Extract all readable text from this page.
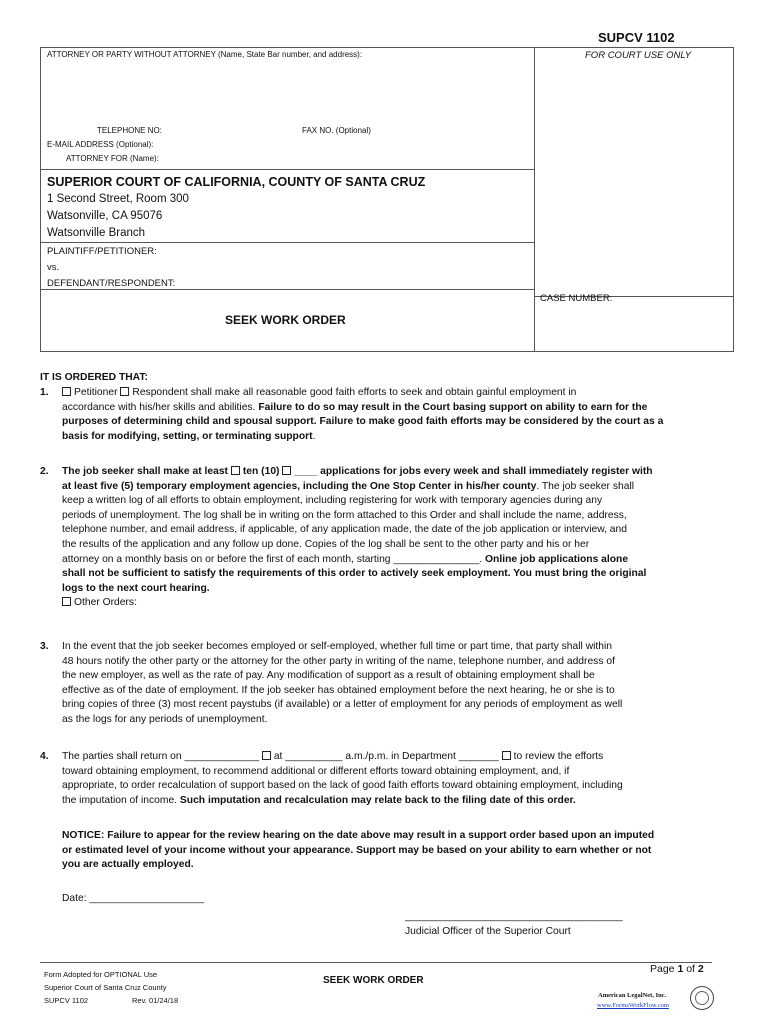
SUPCV 1102
ATTORNEY OR PARTY WITHOUT ATTORNEY (Name, State Bar number, and address):	FOR COURT USE ONLY
TELEPHONE NO:	FAX NO. (Optional)
E-MAIL ADDRESS (Optional):
ATTORNEY FOR (Name):
SUPERIOR COURT OF CALIFORNIA, COUNTY OF SANTA CRUZ
1 Second Street, Room 300
Watsonville, CA 95076
Watsonville Branch
PLAINTIFF/PETITIONER:
vs.
DEFENDANT/RESPONDENT:
CASE NUMBER:
SEEK WORK ORDER
IT IS ORDERED THAT:
1.	Petitioner Respondent shall make all reasonable good faith efforts to seek and obtain gainful employment in
accordance with his/her skills and abilities. Failure to do so may result in the Court basing support on ability to earn for the
purposes of determining child and spousal support. Failure to make good faith efforts may be considered by the court as a
basis for modifying, setting, or terminating support.
2. The job seeker shall make at least ten (10) ____ applications for jobs every week and shall immediately register with
at least five (5) temporary employment agencies, including the One Stop Center in his/her county. The job seeker shall
keep a written log of all efforts to obtain employment, including registering for work with temporary agencies during any
periods of unemployment. The log shall be in writing on the form attached to this Order and shall include the name, address,
telephone number, and email address, if applicable, of any application made, the date of the job application or interview, and
the results of the application and any follow up done. Copies of the log shall be sent to the other party and his or her
attorney on a monthly basis on or before the first of each month, starting _______________. Online job applications alone
shall not be sufficient to satisfy the requirements of this order to actively seek employment. You must bring the original
logs to the next court hearing.
Other Orders:
3. In the event that the job seeker becomes employed or self-employed, whether full time or part time, that party shall within
48 hours notify the other party or the attorney for the other party in writing of the name, telephone number, and address of
the new employer, as well as the rate of pay. Any modification of support as a result of obtaining employment shall be
effective as of the date of employment. If the job seeker has obtained employment before the next hearing, he or she is to
bring copies of three (3) most recent paystubs (if available) or a letter of employment for any periods of employment as well
as the logs for any periods of unemployment.
4. The parties shall return on _____________ at __________ a.m./p.m. in Department _______ to review the efforts
toward obtaining employment, to recommend additional or different efforts toward obtaining employment, and, if
appropriate, to order recalculation of support based on the lack of good faith efforts toward obtaining employment, including
the imputation of income. Such imputation and recalculation may relate back to the filing date of this order.
NOTICE: Failure to appear for the review hearing on the date above may result in a support order based upon an imputed
or estimated level of your income without your appearance. Support may be based on your ability to earn whether or not
you are actually employed.
Date: ____________________
______________________________________
Judicial Officer of the Superior Court
Form Adopted for OPTIONAL Use
Superior Court of Santa Cruz County
SUPCV 1102	Rev. 01/24/18
SEEK WORK ORDER
Page 1 of 2
American LegalNet, Inc.
www.FormsWorkFlow.com
